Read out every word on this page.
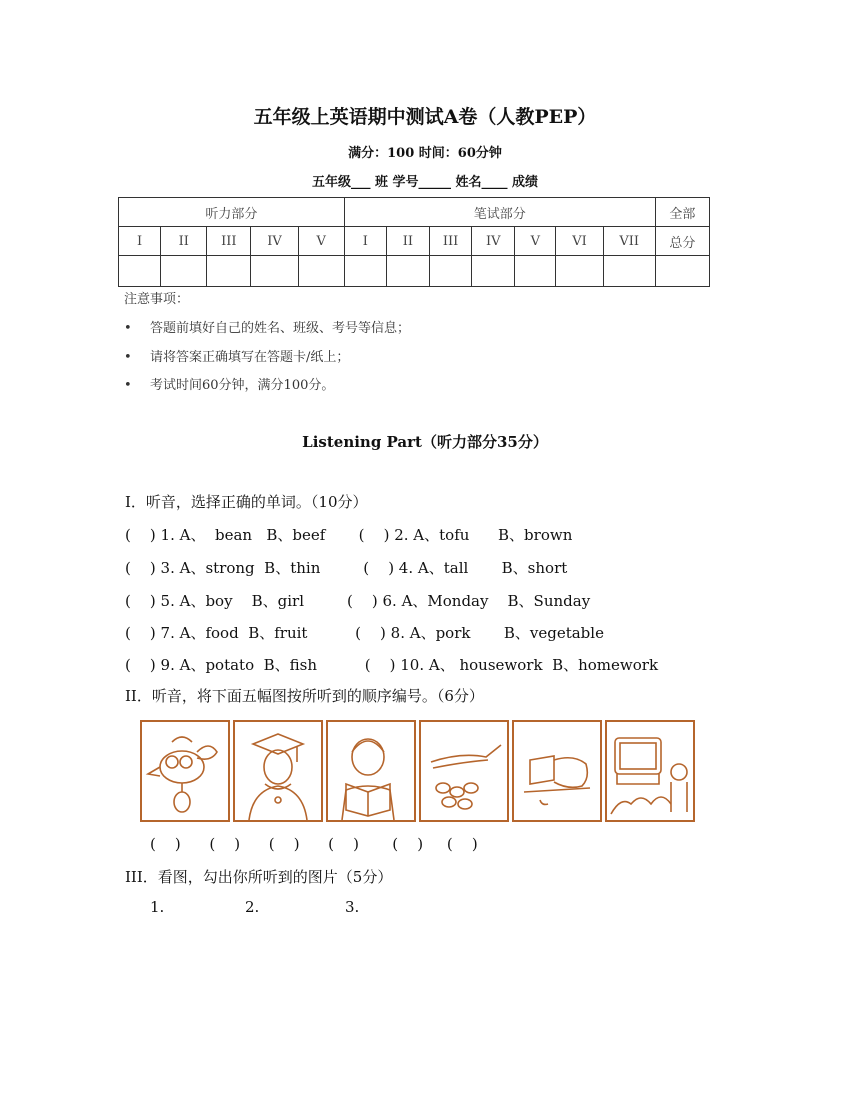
五年级上英语期中测试A卷（人教PEP）
满分：100 时间：60分钟
五年级___ 班 学号_____ 姓名____ 成绩
听力部分					笔试部分							全部
I	II	III	IV	V	I	II	III	IV	V	VI	VII	总分

注意事项：
• 答题前填好自己的姓名、班级、考号等信息；
• 请将答案正确填写在答题卡/纸上；
• 考试时间60分钟，满分100分。
Listening Part（听力部分35分）
I．听音，选择正确的单词。（10分）
(    ) 1. A、  bean   B、beef       (    ) 2. A、tofu      B、brown
(    ) 3. A、strong  B、thin         (    ) 4. A、tall       B、short
(    ) 5. A、boy    B、girl         (    ) 6. A、Monday    B、Sunday
(    ) 7. A、food  B、fruit          (    ) 8. A、pork       B、vegetable
(    ) 9. A、potato  B、fish          (    ) 10. A、 housework  B、homework
II．听音，将下面五幅图按所听到的顺序编号。（6分）
(    )      (    )      (    )      (    )       (    )     (    )
III．看图，勾出你所听到的图片（5分）
1.	2.	3.
